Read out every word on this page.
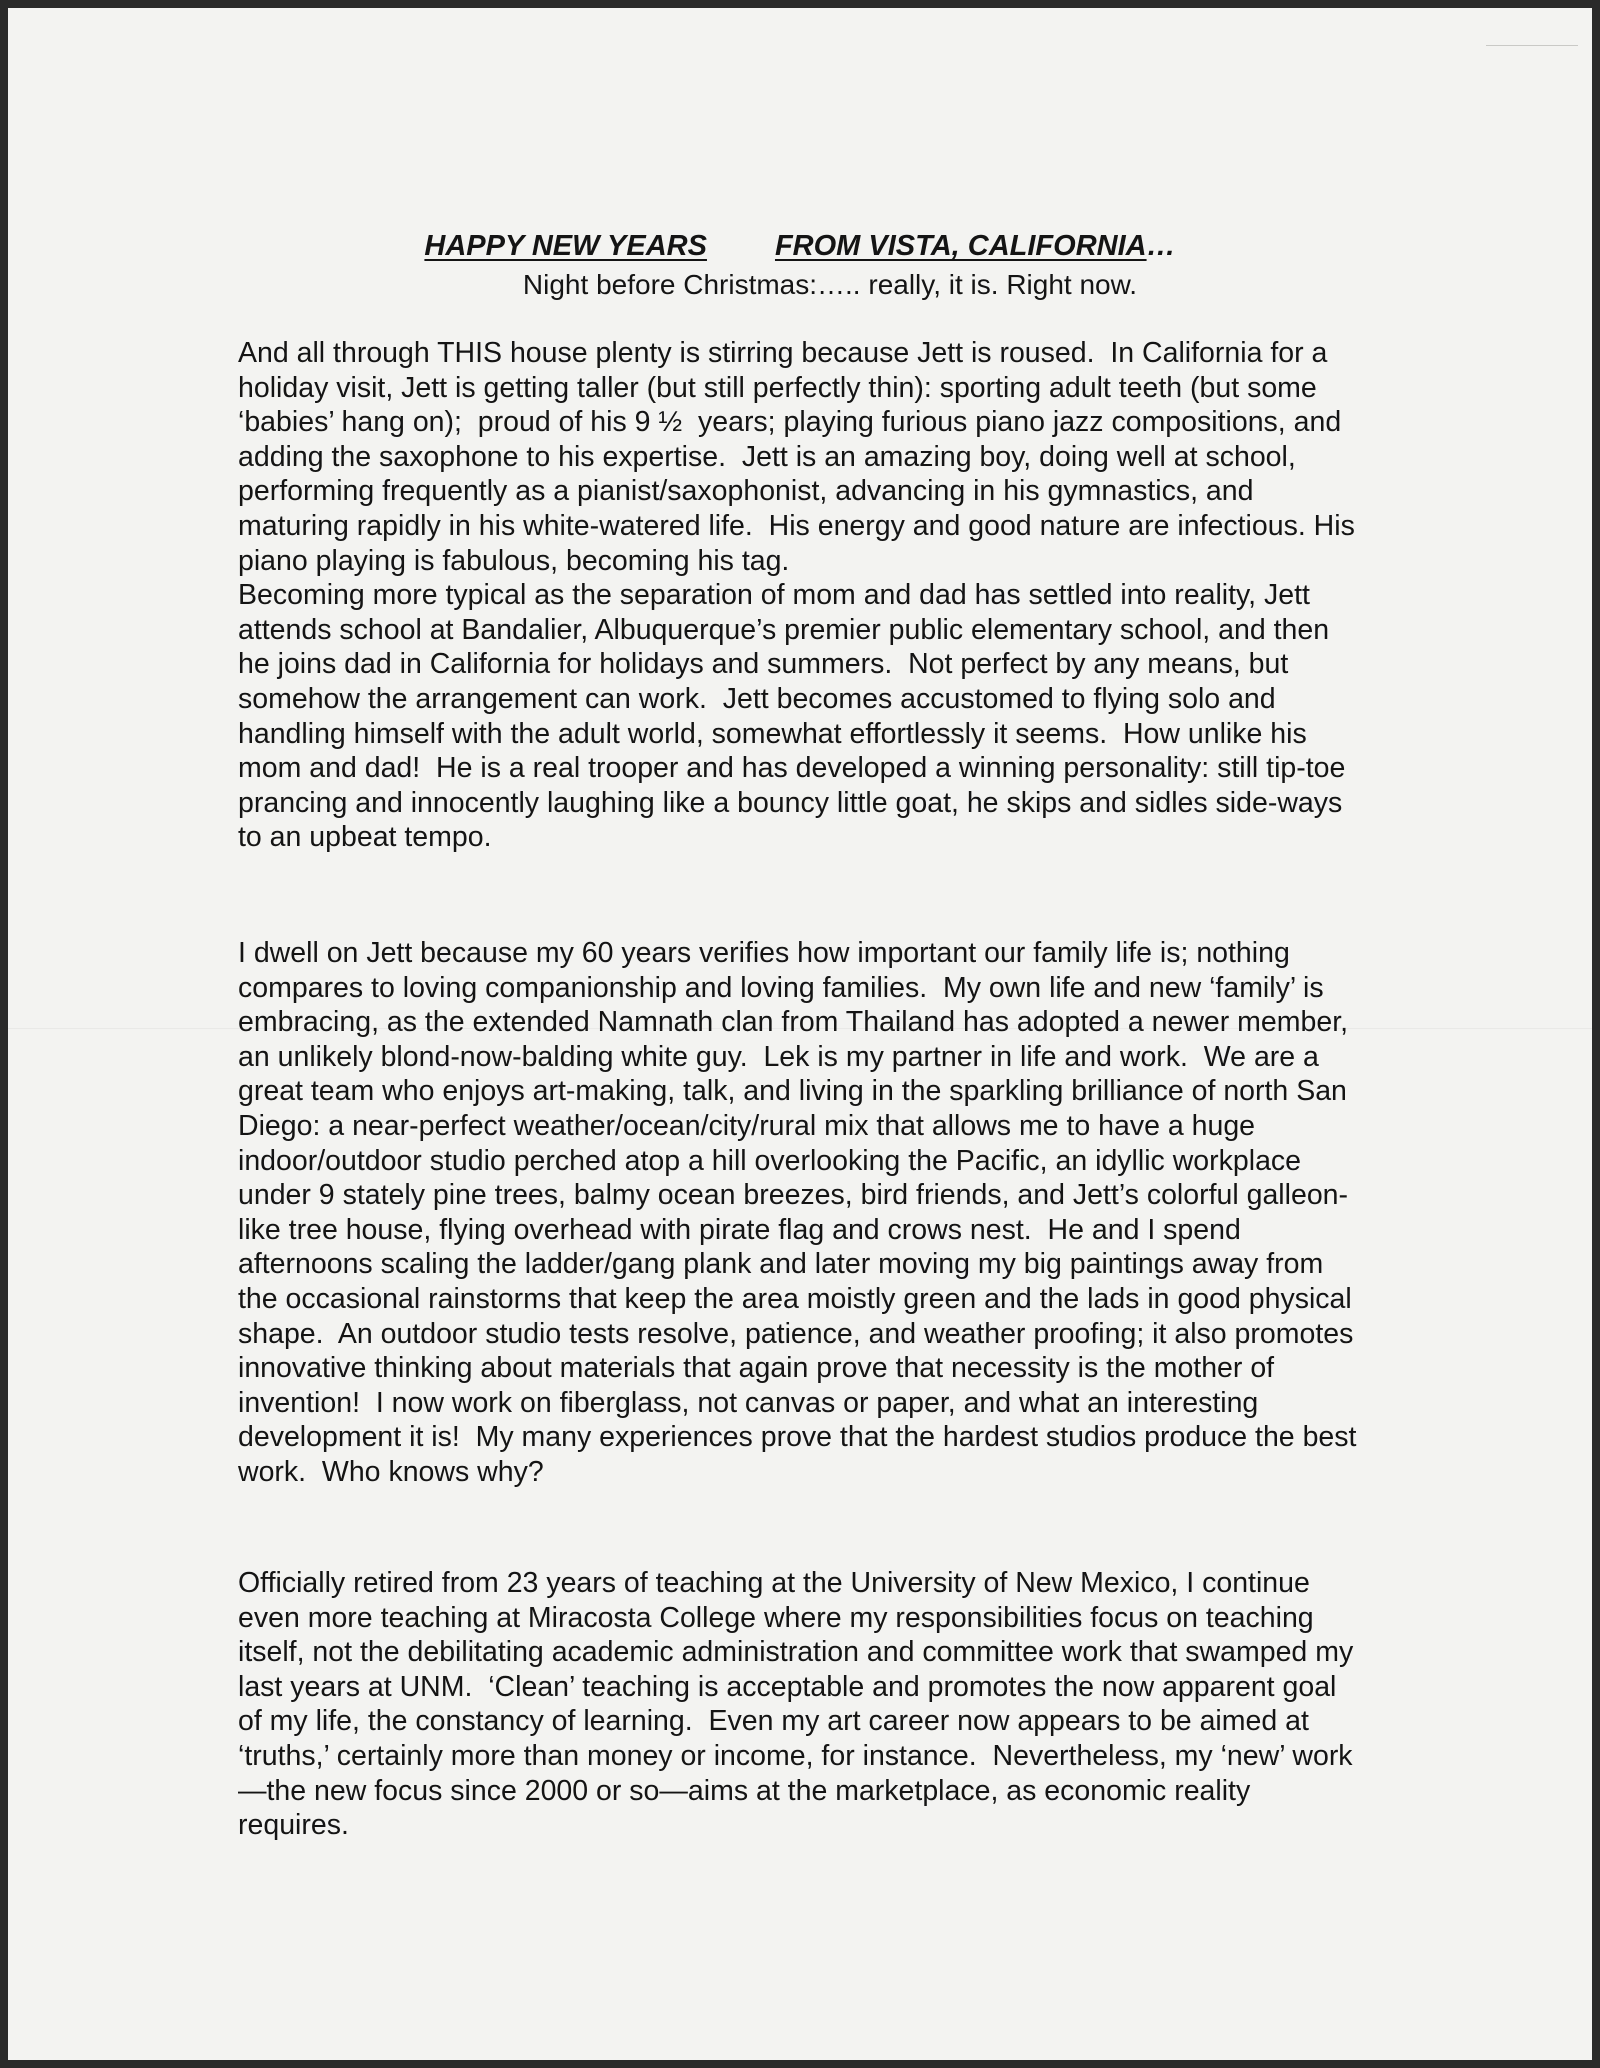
HAPPY NEW YEARS FROM VISTA, CALIFORNIA…
Night before Christmas:….. really, it is. Right now.

And all through THIS house plenty is stirring because Jett is roused.  In California for a holiday visit, Jett is getting taller (but still perfectly thin): sporting adult teeth (but some ‘babies’ hang on);  proud of his 9 ½  years; playing furious piano jazz compositions, and adding the saxophone to his expertise.  Jett is an amazing boy, doing well at school, performing frequently as a pianist/saxophonist, advancing in his gymnastics, and maturing rapidly in his white-watered life.  His energy and good nature are infectious. His piano playing is fabulous, becoming his tag.
Becoming more typical as the separation of mom and dad has settled into reality, Jett attends school at Bandalier, Albuquerque’s premier public elementary school, and then he joins dad in California for holidays and summers.  Not perfect by any means, but somehow the arrangement can work.  Jett becomes accustomed to flying solo and handling himself with the adult world, somewhat effortlessly it seems.  How unlike his mom and dad!  He is a real trooper and has developed a winning personality: still tip-toe prancing and innocently laughing like a bouncy little goat, he skips and sidles side-ways to an upbeat tempo.

I dwell on Jett because my 60 years verifies how important our family life is; nothing compares to loving companionship and loving families.  My own life and new ‘family’ is embracing, as the extended Namnath clan from Thailand has adopted a newer member, an unlikely blond-now-balding white guy.  Lek is my partner in life and work.  We are a great team who enjoys art-making, talk, and living in the sparkling brilliance of north San Diego: a near-perfect weather/ocean/city/rural mix that allows me to have a huge indoor/outdoor studio perched atop a hill overlooking the Pacific, an idyllic workplace under 9 stately pine trees, balmy ocean breezes, bird friends, and Jett’s colorful galleon-like tree house, flying overhead with pirate flag and crows nest.  He and I spend afternoons scaling the ladder/gang plank and later moving my big paintings away from the occasional rainstorms that keep the area moistly green and the lads in good physical shape.  An outdoor studio tests resolve, patience, and weather proofing; it also promotes innovative thinking about materials that again prove that necessity is the mother of invention!  I now work on fiberglass, not canvas or paper, and what an interesting development it is!  My many experiences prove that the hardest studios produce the best work.  Who knows why?

Officially retired from 23 years of teaching at the University of New Mexico, I continue even more teaching at Miracosta College where my responsibilities focus on teaching itself, not the debilitating academic administration and committee work that swamped my last years at UNM.  ‘Clean’ teaching is acceptable and promotes the now apparent goal of my life, the constancy of learning.  Even my art career now appears to be aimed at ‘truths,’ certainly more than money or income, for instance.  Nevertheless, my ‘new’ work—the new focus since 2000 or so—aims at the marketplace, as economic reality requires.
